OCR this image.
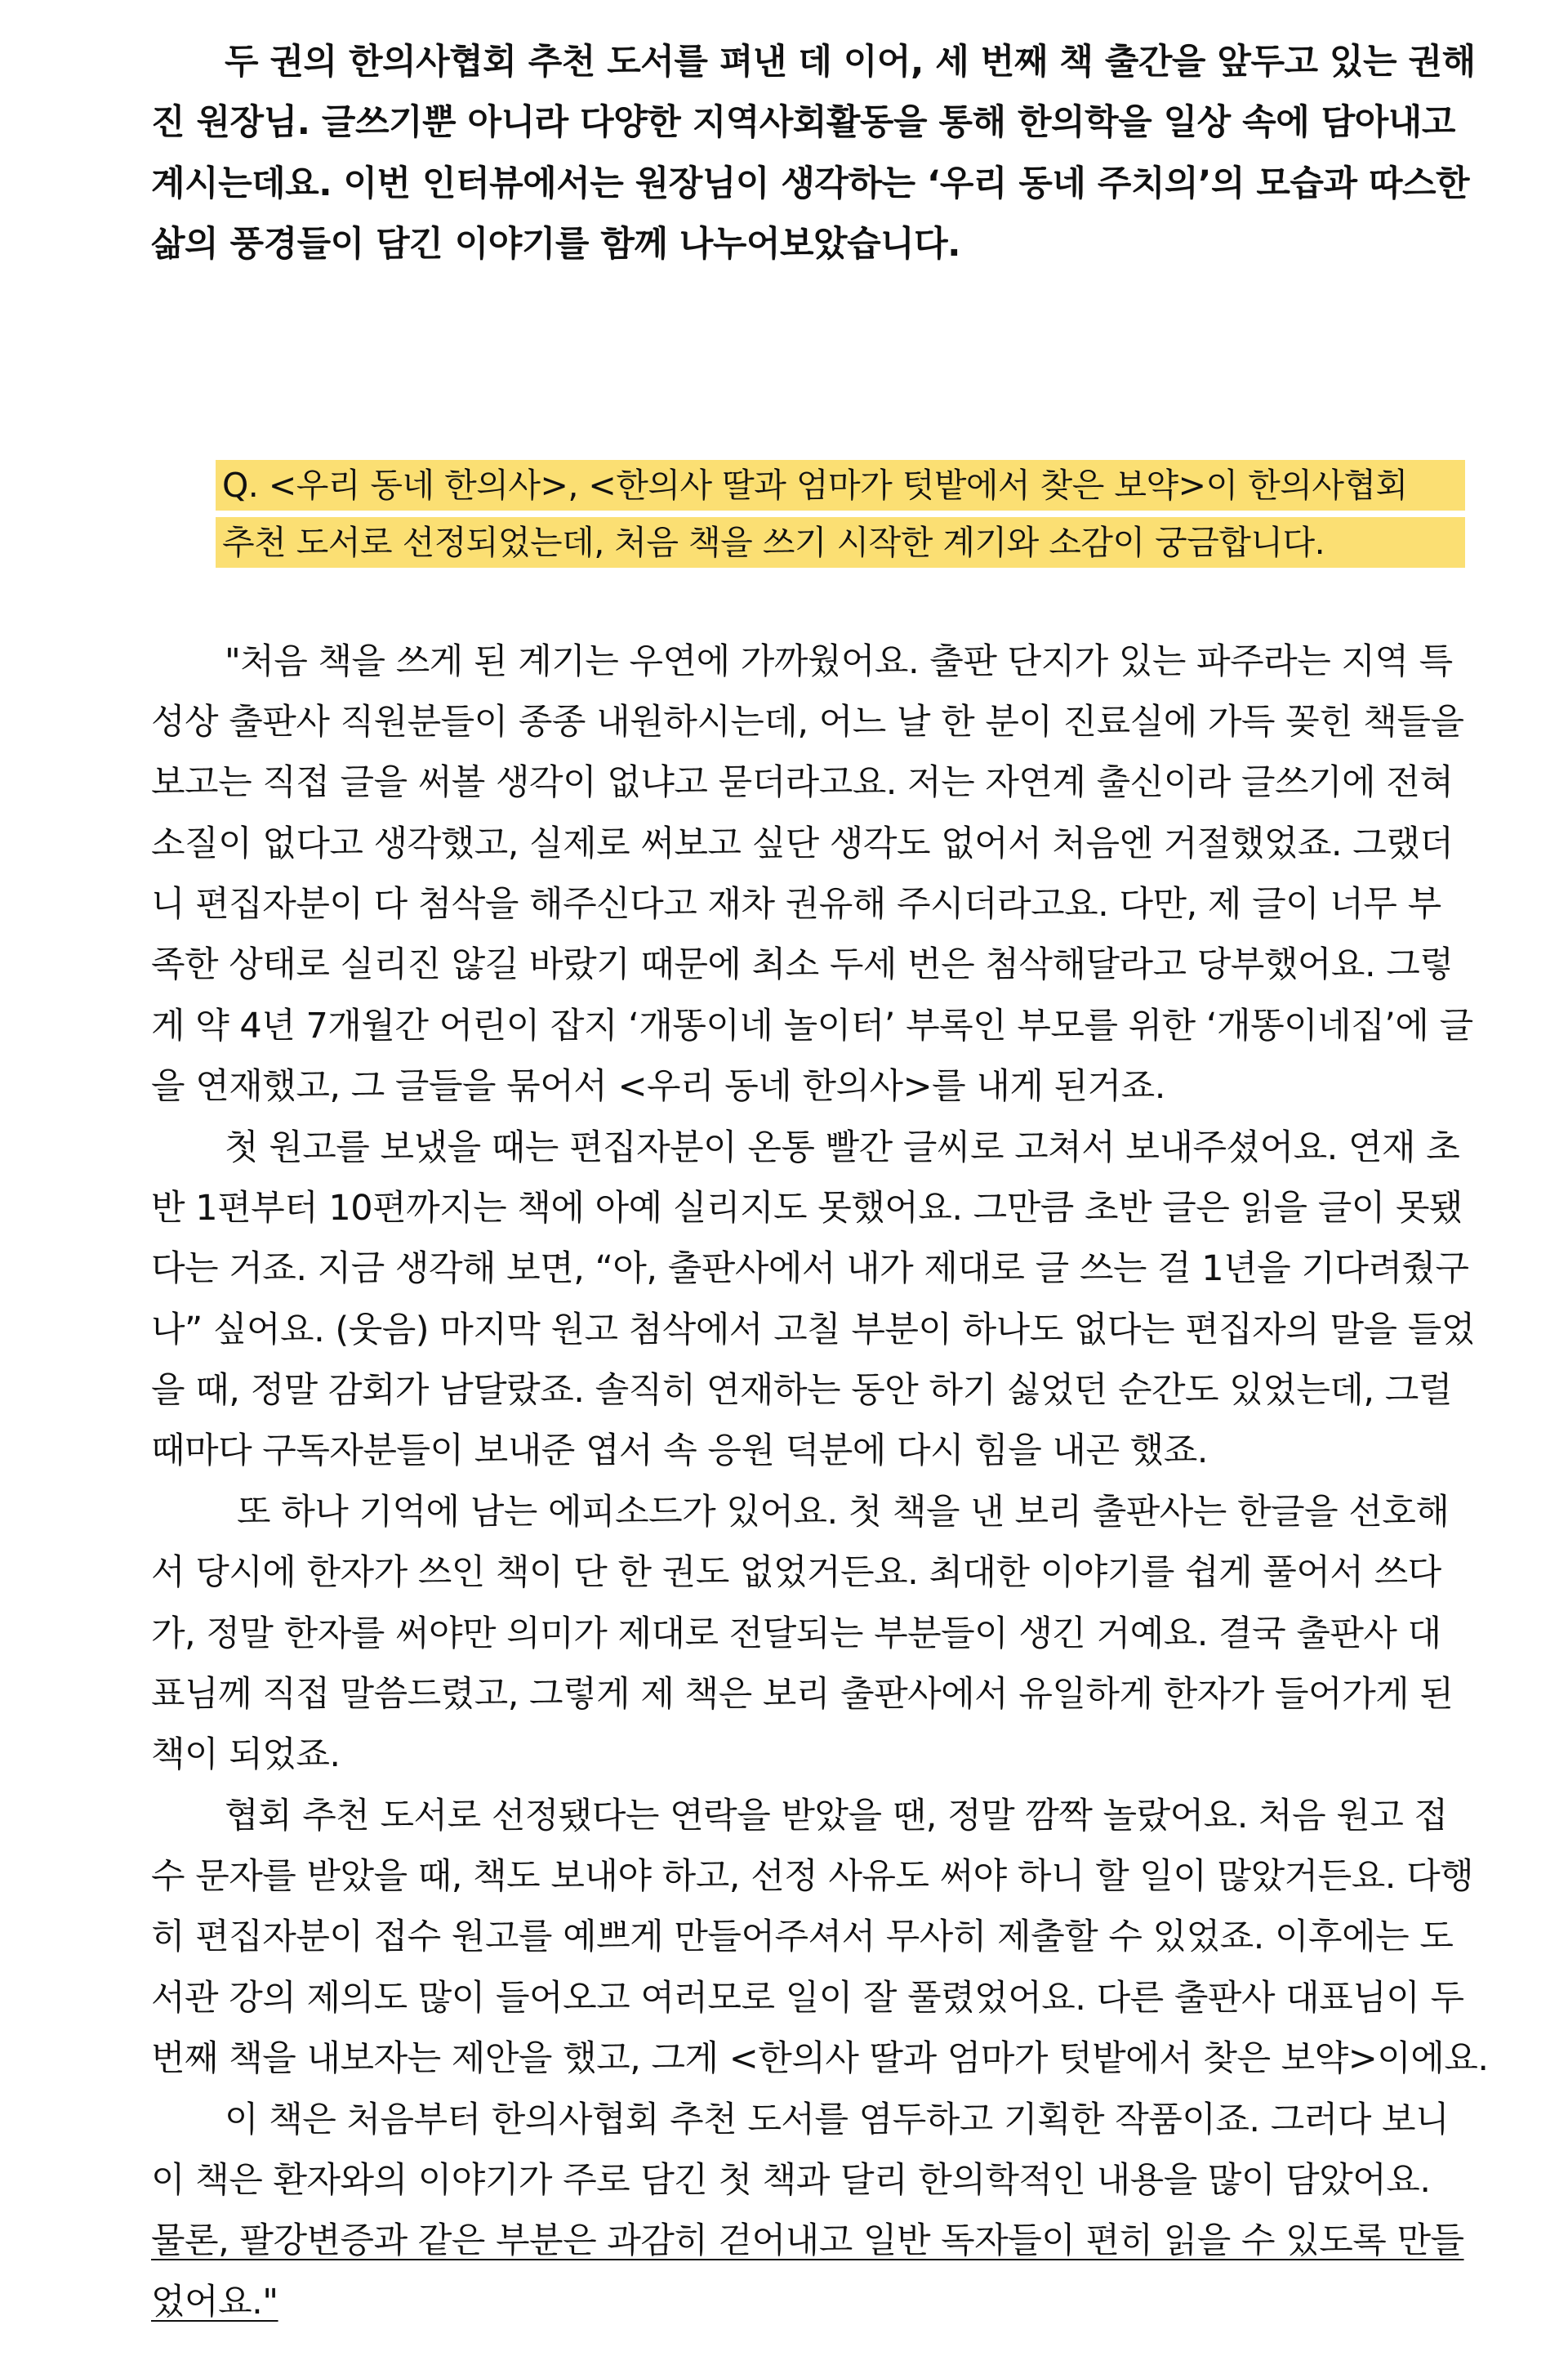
두 권의 한의사협회 추천 도서를 펴낸 데 이어, 세 번째 책 출간을 앞두고 있는 권해
진 원장님. 글쓰기뿐 아니라 다양한 지역사회활동을 통해 한의학을 일상 속에 담아내고
계시는데요. 이번 인터뷰에서는 원장님이 생각하는 ‘우리 동네 주치의’의 모습과 따스한
삶의 풍경들이 담긴 이야기를 함께 나누어보았습니다.
Q. <우리 동네 한의사>, <한의사 딸과 엄마가 텃밭에서 찾은 보약>이 한의사협회
추천 도서로 선정되었는데, 처음 책을 쓰기 시작한 계기와 소감이 궁금합니다.
"처음 책을 쓰게 된 계기는 우연에 가까웠어요. 출판 단지가 있는 파주라는 지역 특
성상 출판사 직원분들이 종종 내원하시는데, 어느 날 한 분이 진료실에 가득 꽂힌 책들을
보고는 직접 글을 써볼 생각이 없냐고 묻더라고요. 저는 자연계 출신이라 글쓰기에 전혀
소질이 없다고 생각했고, 실제로 써보고 싶단 생각도 없어서 처음엔 거절했었죠. 그랬더
니 편집자분이 다 첨삭을 해주신다고 재차 권유해 주시더라고요. 다만, 제 글이 너무 부
족한 상태로 실리진 않길 바랐기 때문에 최소 두세 번은 첨삭해달라고 당부했어요. 그렇
게 약 4년 7개월간 어린이 잡지 ‘개똥이네 놀이터’ 부록인 부모를 위한 ‘개똥이네집’에 글
을 연재했고, 그 글들을 묶어서 <우리 동네 한의사>를 내게 된거죠.
첫 원고를 보냈을 때는 편집자분이 온통 빨간 글씨로 고쳐서 보내주셨어요. 연재 초
반 1편부터 10편까지는 책에 아예 실리지도 못했어요. 그만큼 초반 글은 읽을 글이 못됐
다는 거죠. 지금 생각해 보면, “아, 출판사에서 내가 제대로 글 쓰는 걸 1년을 기다려줬구
나” 싶어요. (웃음) 마지막 원고 첨삭에서 고칠 부분이 하나도 없다는 편집자의 말을 들었
을 때, 정말 감회가 남달랐죠. 솔직히 연재하는 동안 하기 싫었던 순간도 있었는데, 그럴
때마다 구독자분들이 보내준 엽서 속 응원 덕분에 다시 힘을 내곤 했죠.
또 하나 기억에 남는 에피소드가 있어요. 첫 책을 낸 보리 출판사는 한글을 선호해
서 당시에 한자가 쓰인 책이 단 한 권도 없었거든요. 최대한 이야기를 쉽게 풀어서 쓰다
가, 정말 한자를 써야만 의미가 제대로 전달되는 부분들이 생긴 거예요. 결국 출판사 대
표님께 직접 말씀드렸고, 그렇게 제 책은 보리 출판사에서 유일하게 한자가 들어가게 된
책이 되었죠.
협회 추천 도서로 선정됐다는 연락을 받았을 땐, 정말 깜짝 놀랐어요. 처음 원고 접
수 문자를 받았을 때, 책도 보내야 하고, 선정 사유도 써야 하니 할 일이 많았거든요. 다행
히 편집자분이 접수 원고를 예쁘게 만들어주셔서 무사히 제출할 수 있었죠. 이후에는 도
서관 강의 제의도 많이 들어오고 여러모로 일이 잘 풀렸었어요. 다른 출판사 대표님이 두
번째 책을 내보자는 제안을 했고, 그게 <한의사 딸과 엄마가 텃밭에서 찾은 보약>이에요.
이 책은 처음부터 한의사협회 추천 도서를 염두하고 기획한 작품이죠. 그러다 보니
이 책은 환자와의 이야기가 주로 담긴 첫 책과 달리 한의학적인 내용을 많이 담았어요.
물론, 팔강변증과 같은 부분은 과감히 걷어내고 일반 독자들이 편히 읽을 수 있도록 만들
었어요."
